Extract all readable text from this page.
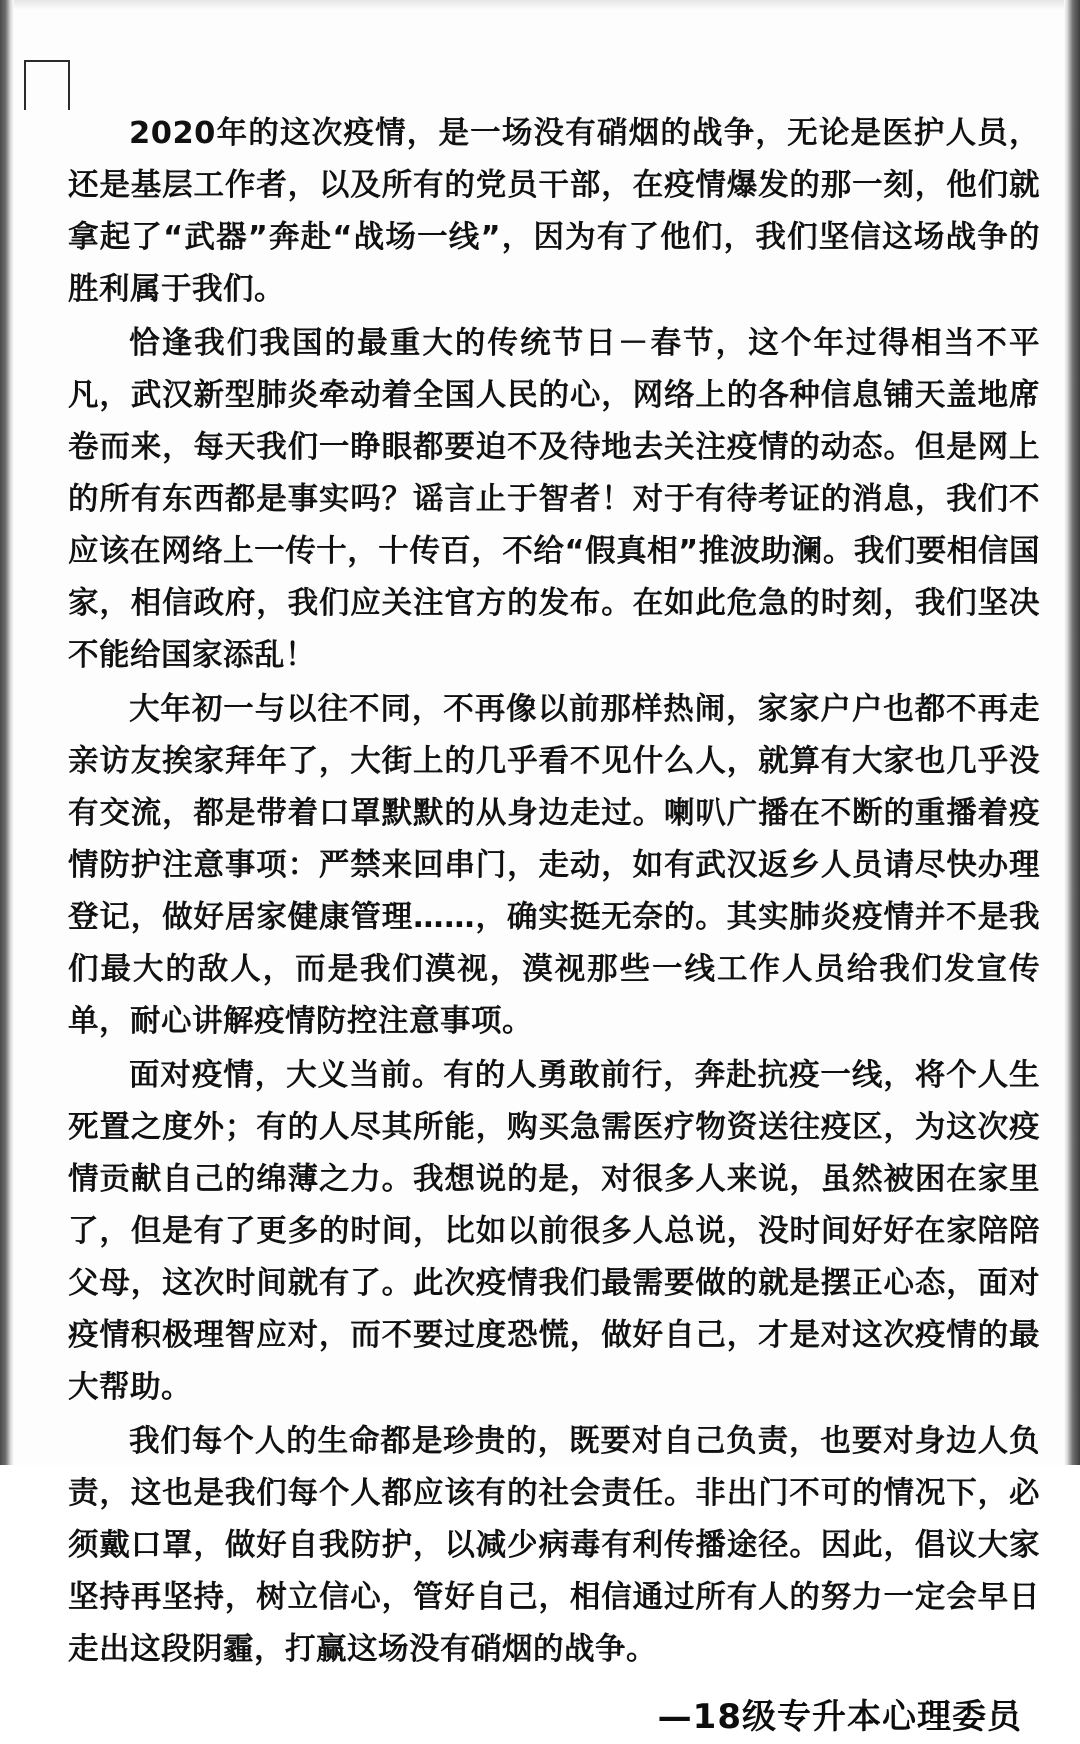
2020年的这次疫情，是一场没有硝烟的战争，无论是医护人员，还是基层工作者，以及所有的党员干部，在疫情爆发的那一刻，他们就拿起了“武器”奔赴“战场一线”，因为有了他们，我们坚信这场战争的胜利属于我们。

恰逢我们我国的最重大的传统节日－春节，这个年过得相当不平凡，武汉新型肺炎牵动着全国人民的心，网络上的各种信息铺天盖地席卷而来，每天我们一睁眼都要迫不及待地去关注疫情的动态。但是网上的所有东西都是事实吗？谣言止于智者！对于有待考证的消息，我们不应该在网络上一传十，十传百，不给“假真相”推波助澜。我们要相信国家，相信政府，我们应关注官方的发布。在如此危急的时刻，我们坚决不能给国家添乱！

大年初一与以往不同，不再像以前那样热闹，家家户户也都不再走亲访友挨家拜年了，大街上的几乎看不见什么人，就算有大家也几乎没有交流，都是带着口罩默默的从身边走过。喇叭广播在不断的重播着疫情防护注意事项：严禁来回串门，走动，如有武汉返乡人员请尽快办理登记，做好居家健康管理……，确实挺无奈的。其实肺炎疫情并不是我们最大的敌人，而是我们漠视，漠视那些一线工作人员给我们发宣传单，耐心讲解疫情防控注意事项。

面对疫情，大义当前。有的人勇敢前行，奔赴抗疫一线，将个人生死置之度外；有的人尽其所能，购买急需医疗物资送往疫区，为这次疫情贡献自己的绵薄之力。我想说的是，对很多人来说，虽然被困在家里了，但是有了更多的时间，比如以前很多人总说，没时间好好在家陪陪父母，这次时间就有了。此次疫情我们最需要做的就是摆正心态，面对疫情积极理智应对，而不要过度恐慌，做好自己，才是对这次疫情的最大帮助。

我们每个人的生命都是珍贵的，既要对自己负责，也要对身边人负责，这也是我们每个人都应该有的社会责任。非出门不可的情况下，必须戴口罩，做好自我防护，以减少病毒有利传播途径。因此，倡议大家坚持再坚持，树立信心，管好自己，相信通过所有人的努力一定会早日走出这段阴霾，打赢这场没有硝烟的战争。

—18级专升本心理委员
